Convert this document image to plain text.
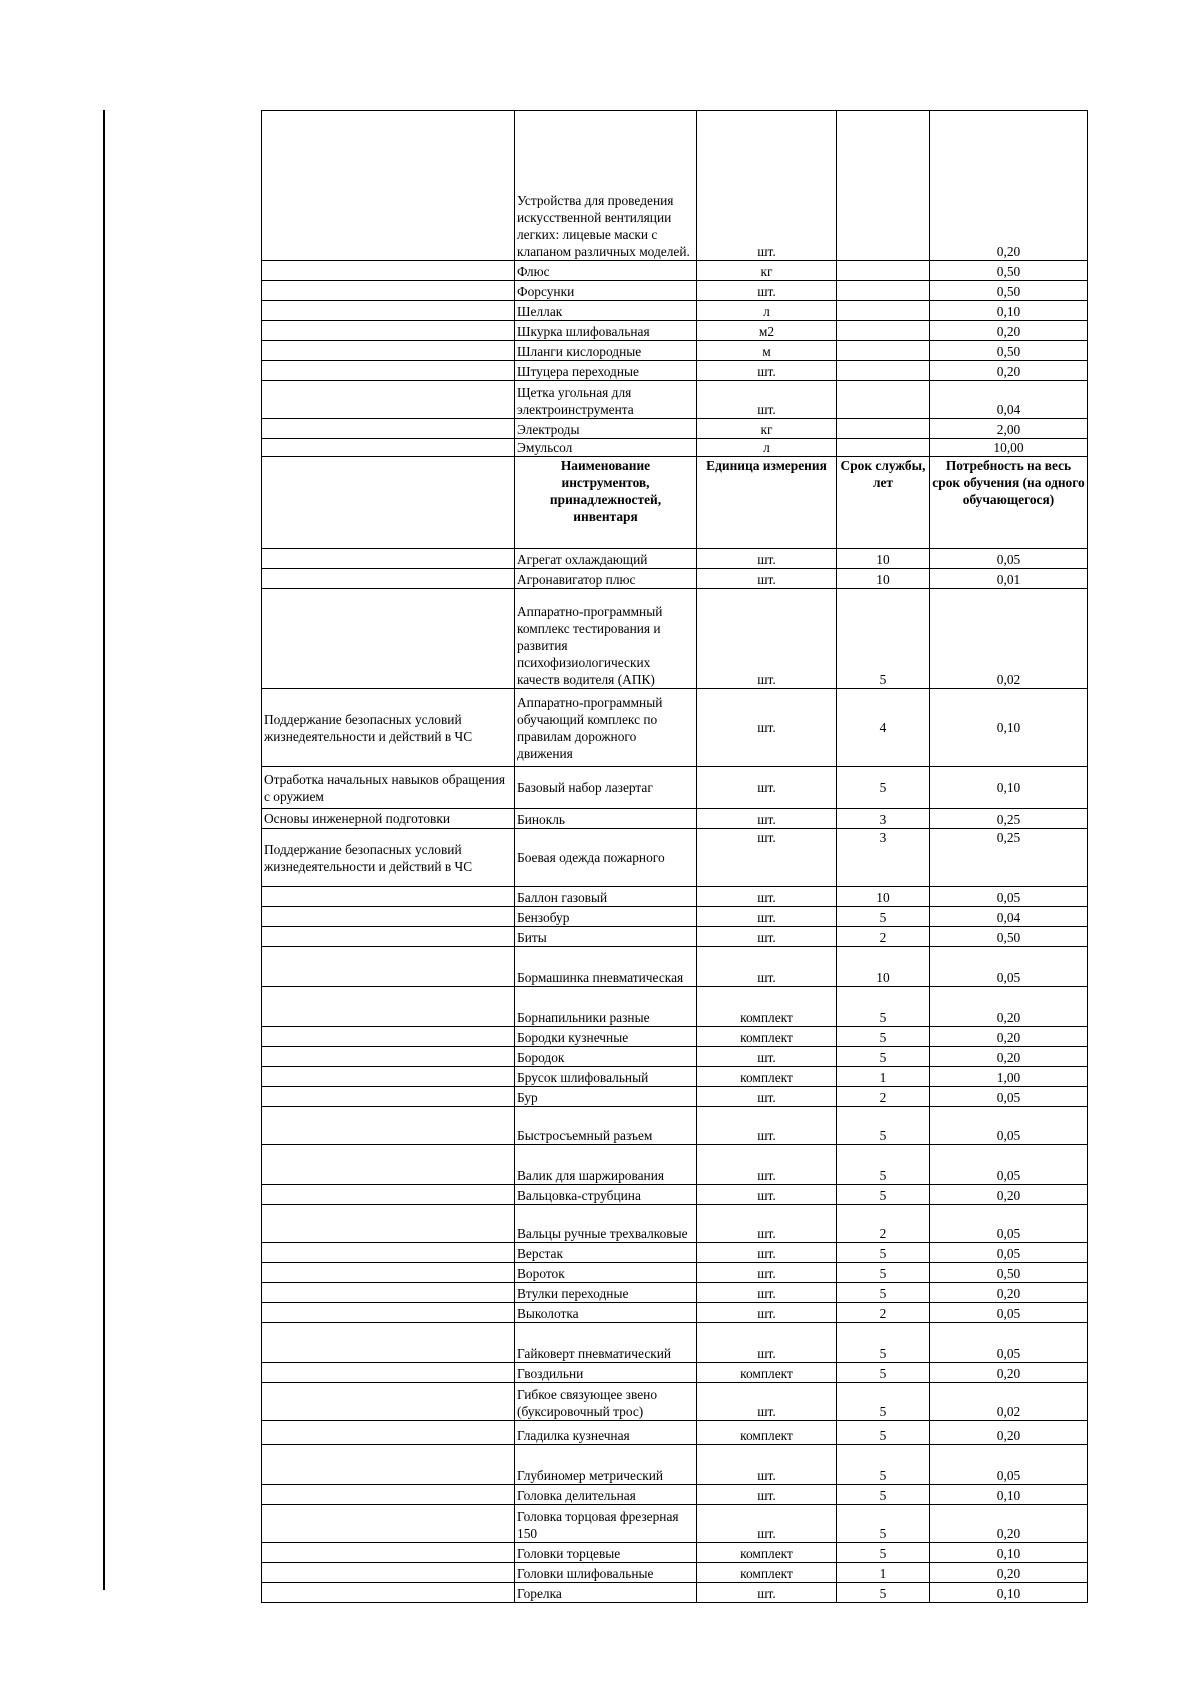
	Устройства для проведения искусственной вентиляции легких: лицевые маски с клапаном различных моделей.	шт.		0,20
	Флюс	кг		0,50
	Форсунки	шт.		0,50
	Шеллак	л		0,10
	Шкурка шлифовальная	м2		0,20
	Шланги кислородные	м		0,50
	Штуцера переходные	шт.		0,20
	Щетка угольная для электроинструмента	шт.		0,04
	Электроды	кг		2,00
	Эмульсол	л		10,00
	Наименование инструментов, принадлежностей, инвентаря	Единица измерения	Срок службы, лет	Потребность на весь срок обучения (на одного обучающегося)
	Агрегат охлаждающий	шт.	10	0,05
	Агронавигатор плюс	шт.	10	0,01
	Аппаратно-программный комплекс тестирования и развития психофизиологических качеств водителя (АПК)	шт.	5	0,02
Поддержание безопасных условий жизнедеятельности и действий в ЧС	Аппаратно-программный обучающий комплекс по правилам дорожного движения	шт.	4	0,10
Отработка начальных навыков обращения с оружием	Базовый набор лазертаг	шт.	5	0,10
Основы инженерной подготовки	Бинокль	шт.	3	0,25
Поддержание безопасных условий жизнедеятельности и действий в ЧС	Боевая одежда пожарного	шт.	3	0,25
	Баллон газовый	шт.	10	0,05
	Бензобур	шт.	5	0,04
	Биты	шт.	2	0,50
	Бормашинка пневматическая	шт.	10	0,05
	Борнапильники разные	комплект	5	0,20
	Бородки кузнечные	комплект	5	0,20
	Бородок	шт.	5	0,20
	Брусок шлифовальный	комплект	1	1,00
	Бур	шт.	2	0,05
	Быстросъемный разъем	шт.	5	0,05
	Валик для шаржирования	шт.	5	0,05
	Вальцовка-струбцина	шт.	5	0,20
	Вальцы ручные трехвалковые	шт.	2	0,05
	Верстак	шт.	5	0,05
	Вороток	шт.	5	0,50
	Втулки переходные	шт.	5	0,20
	Выколотка	шт.	2	0,05
	Гайковерт пневматический	шт.	5	0,05
	Гвоздильни	комплект	5	0,20
	Гибкое связующее звено (буксировочный трос)	шт.	5	0,02
	Гладилка кузнечная	комплект	5	0,20
	Глубиномер метрический	шт.	5	0,05
	Головка делительная	шт.	5	0,10
	Головка торцовая фрезерная 150	шт.	5	0,20
	Головки торцевые	комплект	5	0,10
	Головки шлифовальные	комплект	1	0,20
	Горелка	шт.	5	0,10
